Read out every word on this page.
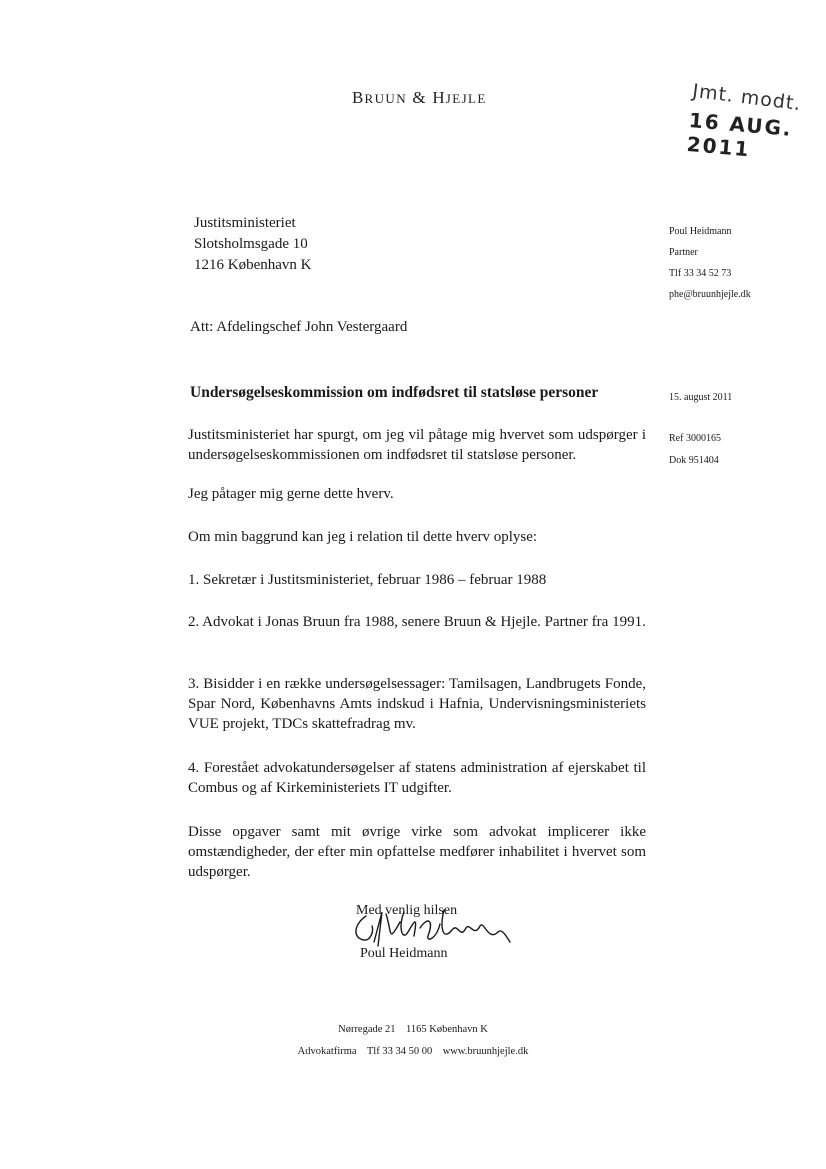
BRUUN & HJEJLE	Jmt. modt.
16 AUG. 2011
Justitsministeriet
Slotsholmsgade 10
1216 København K
Poul Heidmann
Partner
Tlf 33 34 52 73
phe@bruunhjejle.dk
15. august 2011
Ref 3000165
Dok 951404
Att: Afdelingschef John Vestergaard
Undersøgelseskommission om indfødsret til statsløse personer
Justitsministeriet har spurgt, om jeg vil påtage mig hvervet som udspørger i undersøgelseskommissionen om indfødsret til statsløse personer.
Jeg påtager mig gerne dette hverv.
Om min baggrund kan jeg i relation til dette hverv oplyse:
1. Sekretær i Justitsministeriet, februar 1986 – februar 1988
2. Advokat i Jonas Bruun fra 1988, senere Bruun & Hjejle. Partner fra 1991.
3. Bisidder i en række undersøgelsessager: Tamilsagen, Landbrugets Fonde, Spar Nord, Københavns Amts indskud i Hafnia, Undervisningsministeriets VUE projekt, TDCs skattefradrag mv.
4. Forestået advokatundersøgelser af statens administration af ejerskabet til Combus og af Kirkeministeriets IT udgifter.
Disse opgaver samt mit øvrige virke som advokat implicerer ikke omstændigheder, der efter min opfattelse medfører inhabilitet i hvervet som udspørger.
Med venlig hilsen
Poul Heidmann
Nørregade 21    1165 København K
Advokatfirma    Tlf 33 34 50 00    www.bruunhjejle.dk
